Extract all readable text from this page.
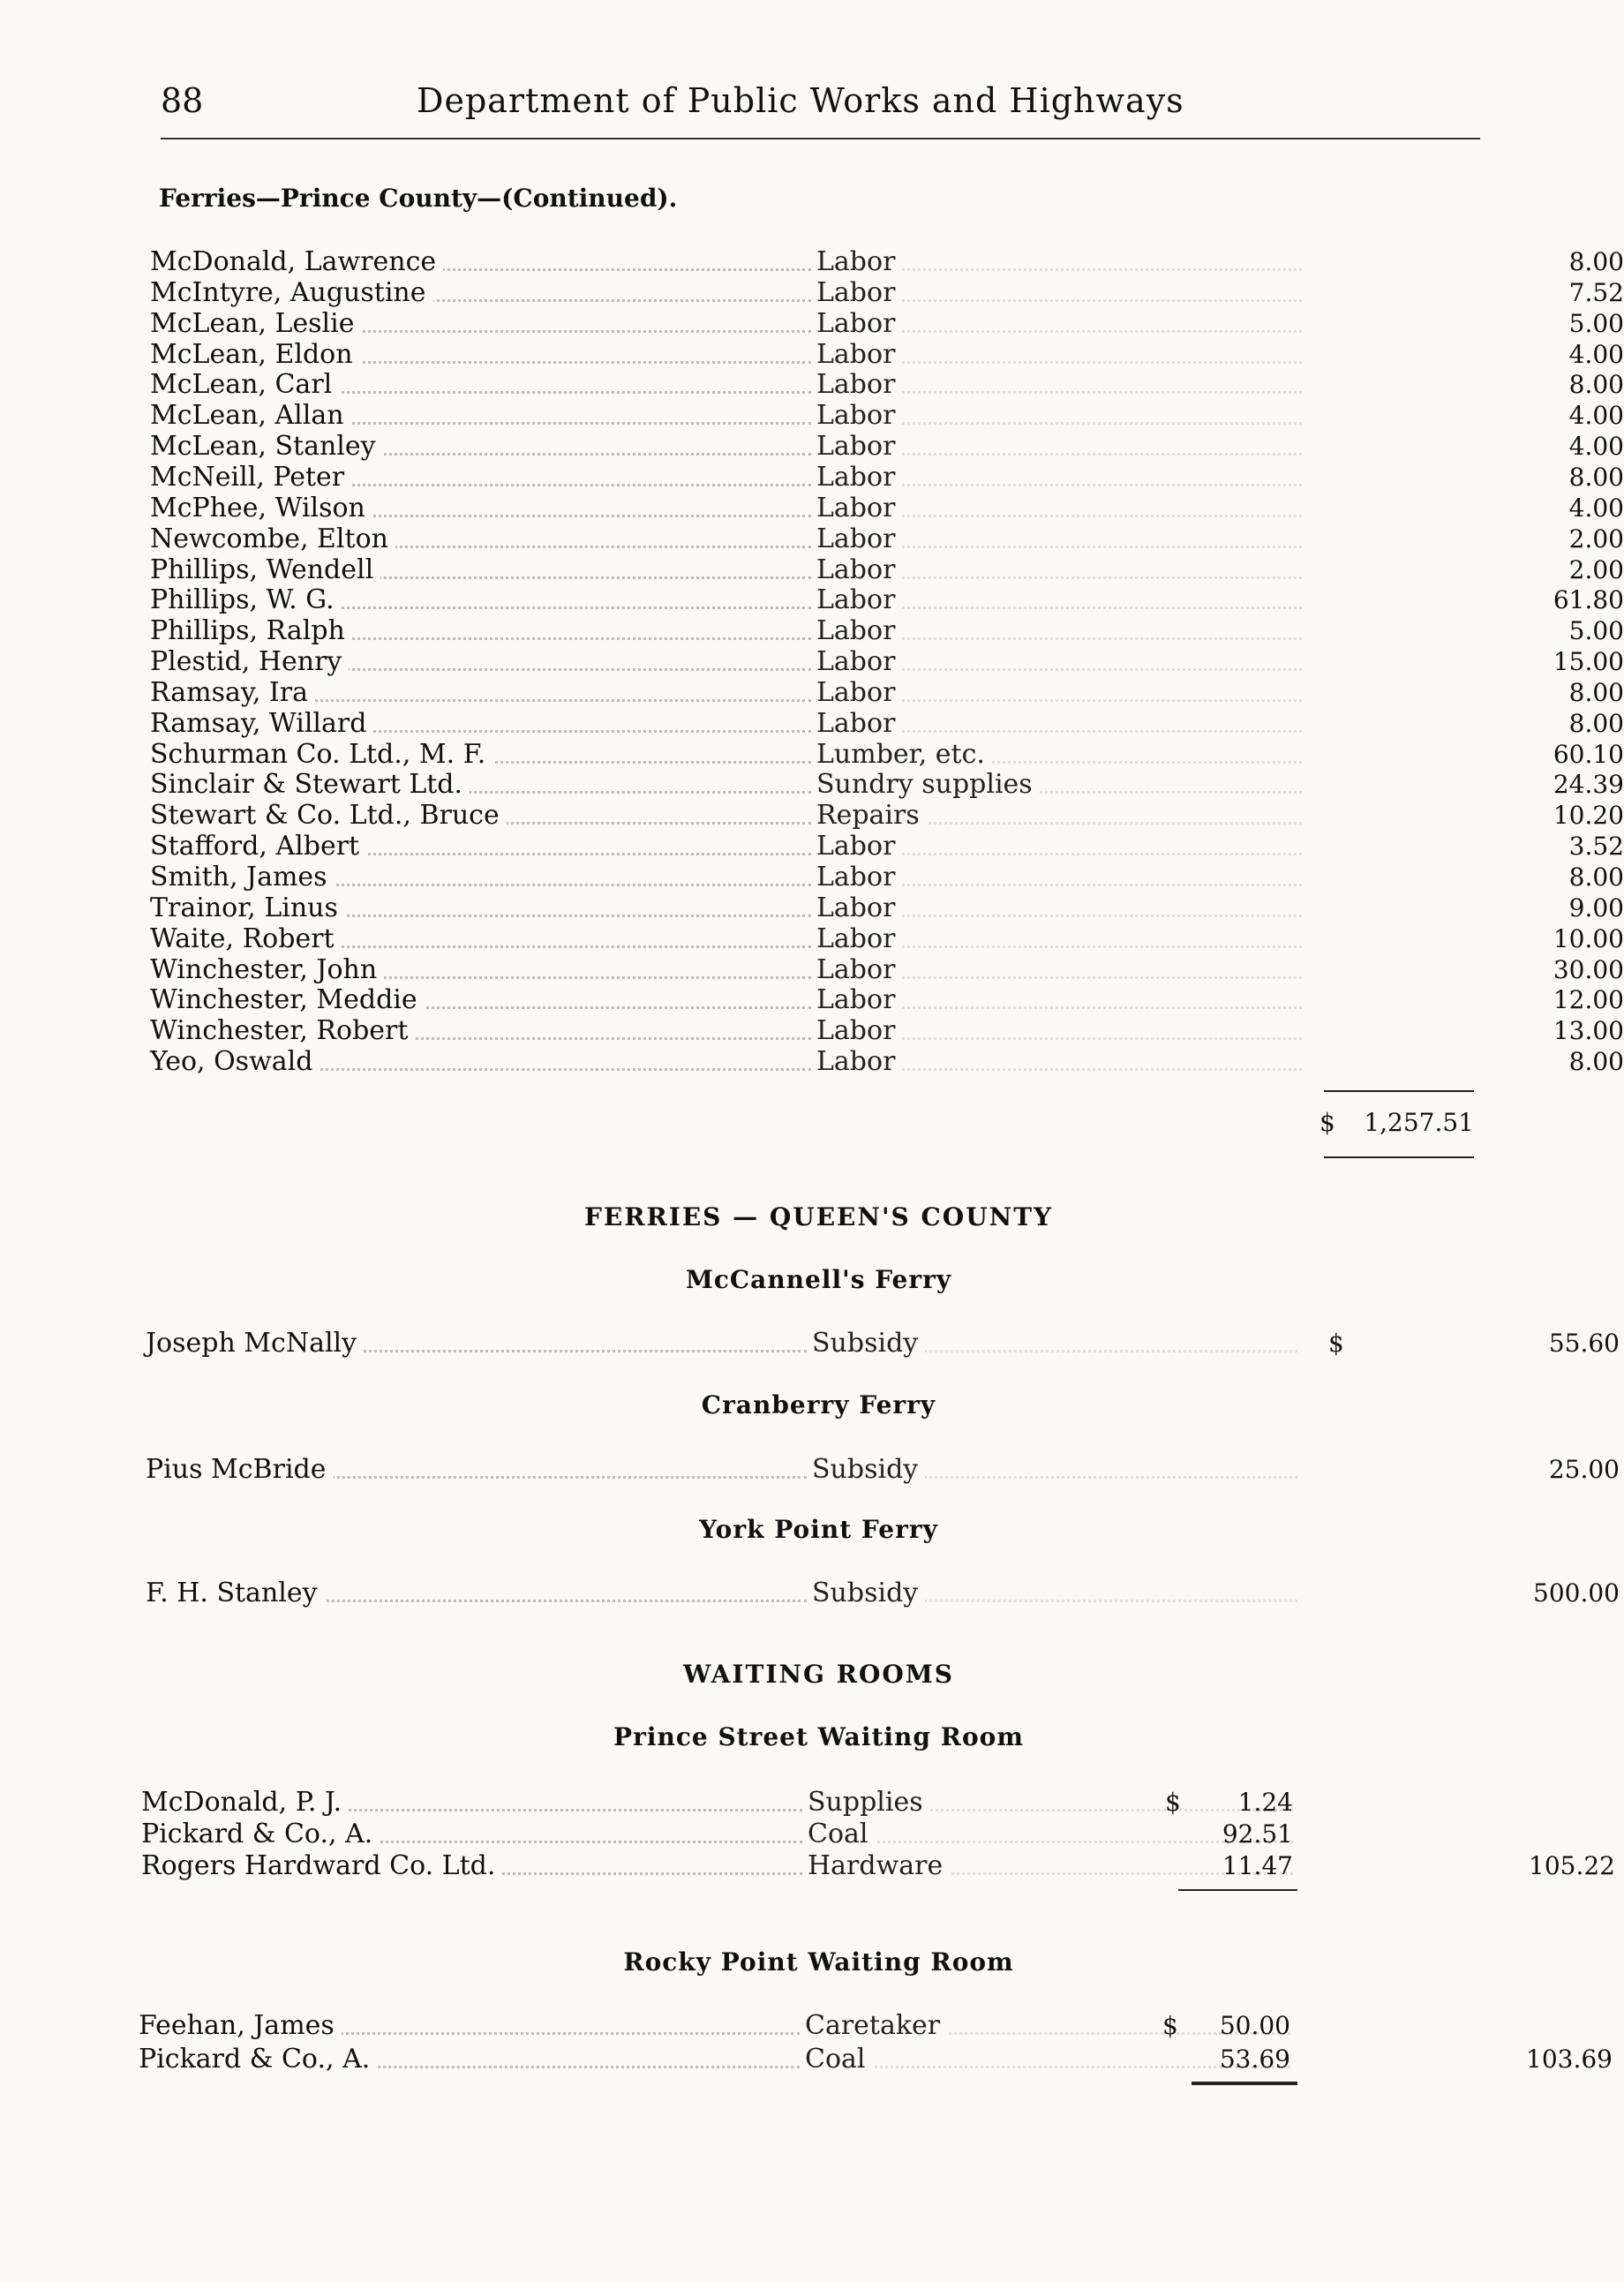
88	Department of Public Works and Highways
Ferries—Prince County—(Continued).
McDonald, Lawrence	Labor	8.00
McIntyre, Augustine	Labor	7.52
McLean, Leslie	Labor	5.00
McLean, Eldon	Labor	4.00
McLean, Carl	Labor	8.00
McLean, Allan	Labor	4.00
McLean, Stanley	Labor	4.00
McNeill, Peter	Labor	8.00
McPhee, Wilson	Labor	4.00
Newcombe, Elton	Labor	2.00
Phillips, Wendell	Labor	2.00
Phillips, W. G.	Labor	61.80
Phillips, Ralph	Labor	5.00
Plestid, Henry	Labor	15.00
Ramsay, Ira	Labor	8.00
Ramsay, Willard	Labor	8.00
Schurman Co. Ltd., M. F.	Lumber, etc.	60.10
Sinclair & Stewart Ltd.	Sundry supplies	24.39
Stewart & Co. Ltd., Bruce	Repairs	10.20
Stafford, Albert	Labor	3.52
Smith, James	Labor	8.00
Trainor, Linus	Labor	9.00
Waite, Robert	Labor	10.00
Winchester, John	Labor	30.00
Winchester, Meddie	Labor	12.00
Winchester, Robert	Labor	13.00
Yeo, Oswald	Labor	8.00
$ 1,257.51
FERRIES — QUEEN'S COUNTY
McCannell's Ferry
Joseph McNally	Subsidy	55.60
$
Cranberry Ferry
Pius McBride	Subsidy	25.00
York Point Ferry
F. H. Stanley	Subsidy	500.00
WAITING ROOMS
Prince Street Waiting Room
McDonald, P. J.	Supplies	$	1.24
Pickard & Co., A.	Coal	92.51
Rogers Hardward Co. Ltd.	Hardware	11.47	105.22
Rocky Point Waiting Room
Feehan, James	Caretaker	$	50.00
Pickard & Co., A.	Coal	53.69	103.69
